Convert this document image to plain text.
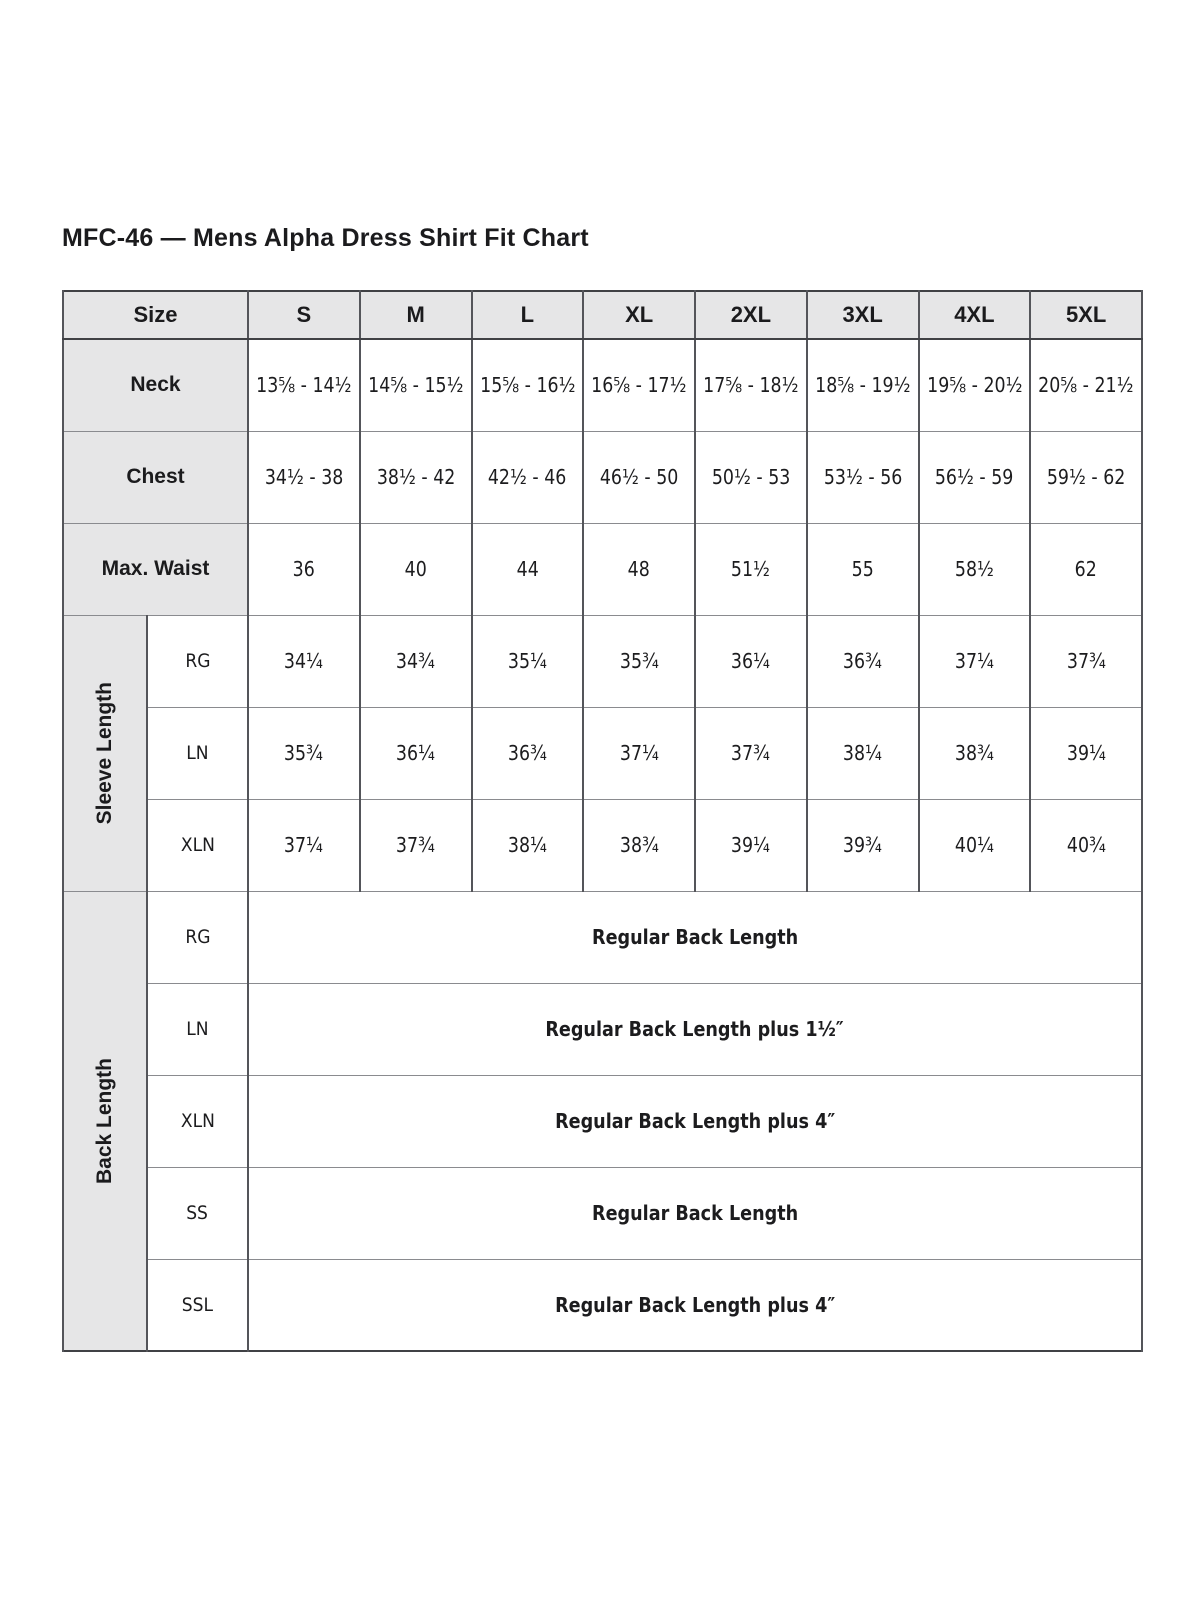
MFC-46 — Mens Alpha Dress Shirt Fit Chart
Size		S	M	L	XL	2XL	3XL	4XL	5XL
Neck		13⅝ - 14½	14⅝ - 15½	15⅝ - 16½	16⅝ - 17½	17⅝ - 18½	18⅝ - 19½	19⅝ - 20½	20⅝ - 21½
Chest		34½ - 38	38½ - 42	42½ - 46	46½ - 50	50½ - 53	53½ - 56	56½ - 59	59½ - 62
Max. Waist		36	40	44	48	51½	55	58½	62

Sleeve Length	RG	34¼	34¾	35¼	35¾	36¼	36¾	37¼	37¾
	LN	35¾	36¼	36¾	37¼	37¾	38¼	38¾	39¼
	XLN	37¼	37¾	38¼	38¾	39¼	39¾	40¼	40¾

Back Length	RG	Regular Back Length							
	LN	Regular Back Length plus 1½″							
	XLN	Regular Back Length plus 4″							
	SS	Regular Back Length							
	SSL	Regular Back Length plus 4″							
